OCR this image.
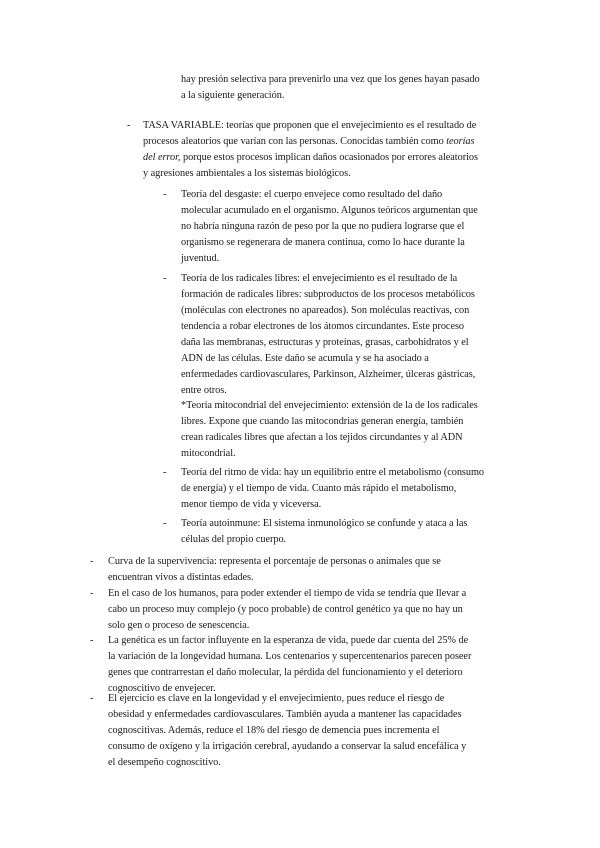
hay presión selectiva para prevenirlo una vez que los genes hayan pasado
a la siguiente generación.
- TASA VARIABLE: teorías que proponen que el envejecimiento es el resultado de
procesos aleatorios que varían con las personas. Conocidas también como teorías
del error, porque estos procesos implican daños ocasionados por errores aleatorios
y agresiones ambientales a los sistemas biológicos.
- Teoría del desgaste: el cuerpo envejece como resultado del daño
molecular acumulado en el organismo. Algunos teóricos argumentan que
no habría ninguna razón de peso por la que no pudiera lograrse que el
organismo se regenerara de manera continua, como lo hace durante la
juventud.
- Teoría de los radicales libres: el envejecimiento es el resultado de la
formación de radicales libres: subproductos de los procesos metabólicos
(moléculas con electrones no apareados). Son moléculas reactivas, con
tendencia a robar electrones de los átomos circundantes. Este proceso
daña las membranas, estructuras y proteínas, grasas, carbohidratos y el
ADN de las células. Este daño se acumula y se ha asociado a
enfermedades cardiovasculares, Parkinson, Alzheimer, úlceras gástricas,
entre otros.
*Teoría mitocondrial del envejecimiento: extensión de la de los radicales
libres. Expone que cuando las mitocondrias generan energía, también
crean radicales libres que afectan a los tejidos circundantes y al ADN
mitocondrial.
- Teoría del ritmo de vida: hay un equilibrio entre el metabolismo (consumo
de energía) y el tiempo de vida. Cuanto más rápido el metabolismo,
menor tiempo de vida y viceversa.
- Teoría autoinmune: El sistema inmunológico se confunde y ataca a las
células del propio cuerpo.
- Curva de la supervivencia: representa el porcentaje de personas o animales que se
encuentran vivos a distintas edades.
- En el caso de los humanos, para poder extender el tiempo de vida se tendría que llevar a
cabo un proceso muy complejo (y poco probable) de control genético ya que no hay un
solo gen o proceso de senescencia.
- La genética es un factor influyente en la esperanza de vida, puede dar cuenta del 25% de
la variación de la longevidad humana. Los centenarios y supercentenarios parecen poseer
genes que contrarrestan el daño molecular, la pérdida del funcionamiento y el deterioro
cognoscitivo de envejecer.
- El ejercicio es clave en la longevidad y el envejecimiento, pues reduce el riesgo de
obesidad y enfermedades cardiovasculares. También ayuda a mantener las capacidades
cognoscitivas. Además, reduce el 18% del riesgo de demencia pues incrementa el
consumo de oxígeno y la irrigación cerebral, ayudando a conservar la salud encefálica y
el desempeño cognoscitivo.
